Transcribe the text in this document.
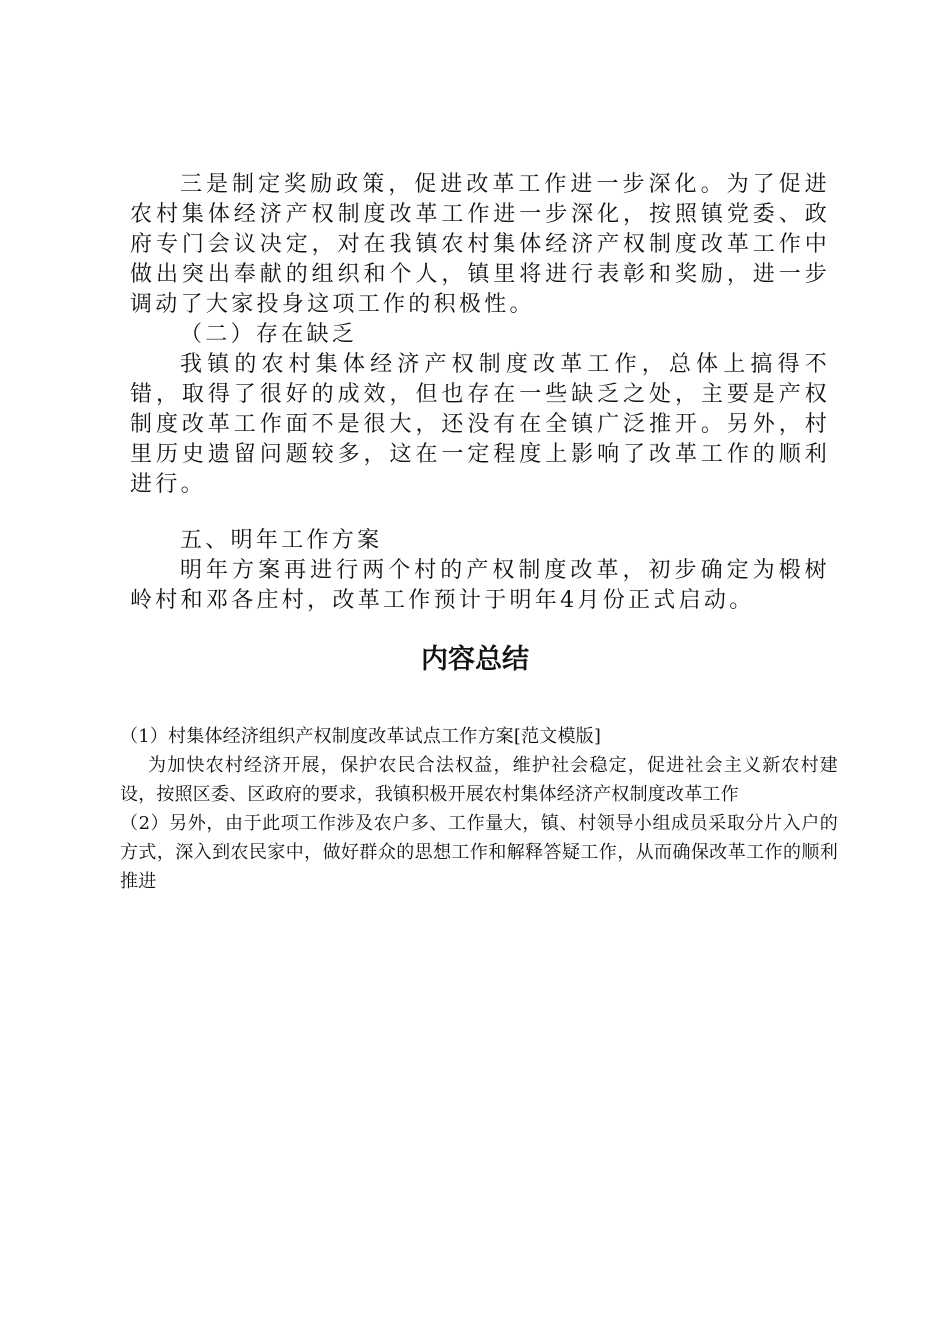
三是制定奖励政策，促进改革工作进一步深化。为了促进农村集体经济产权制度改革工作进一步深化，按照镇党委、政府专门会议决定，对在我镇农村集体经济产权制度改革工作中做出突出奉献的组织和个人，镇里将进行表彰和奖励，进一步调动了大家投身这项工作的积极性。

（二）存在缺乏

我镇的农村集体经济产权制度改革工作，总体上搞得不错，取得了很好的成效，但也存在一些缺乏之处，主要是产权制度改革工作面不是很大，还没有在全镇广泛推开。另外，村里历史遗留问题较多，这在一定程度上影响了改革工作的顺利进行。

五、明年工作方案

明年方案再进行两个村的产权制度改革，初步确定为椴树岭村和邓各庄村，改革工作预计于明年4月份正式启动。

内容总结

（1）村集体经济组织产权制度改革试点工作方案[范文模版]

为加快农村经济开展，保护农民合法权益，维护社会稳定，促进社会主义新农村建设，按照区委、区政府的要求，我镇积极开展农村集体经济产权制度改革工作

（2）另外，由于此项工作涉及农户多、工作量大，镇、村领导小组成员采取分片入户的方式，深入到农民家中，做好群众的思想工作和解释答疑工作，从而确保改革工作的顺利推进
